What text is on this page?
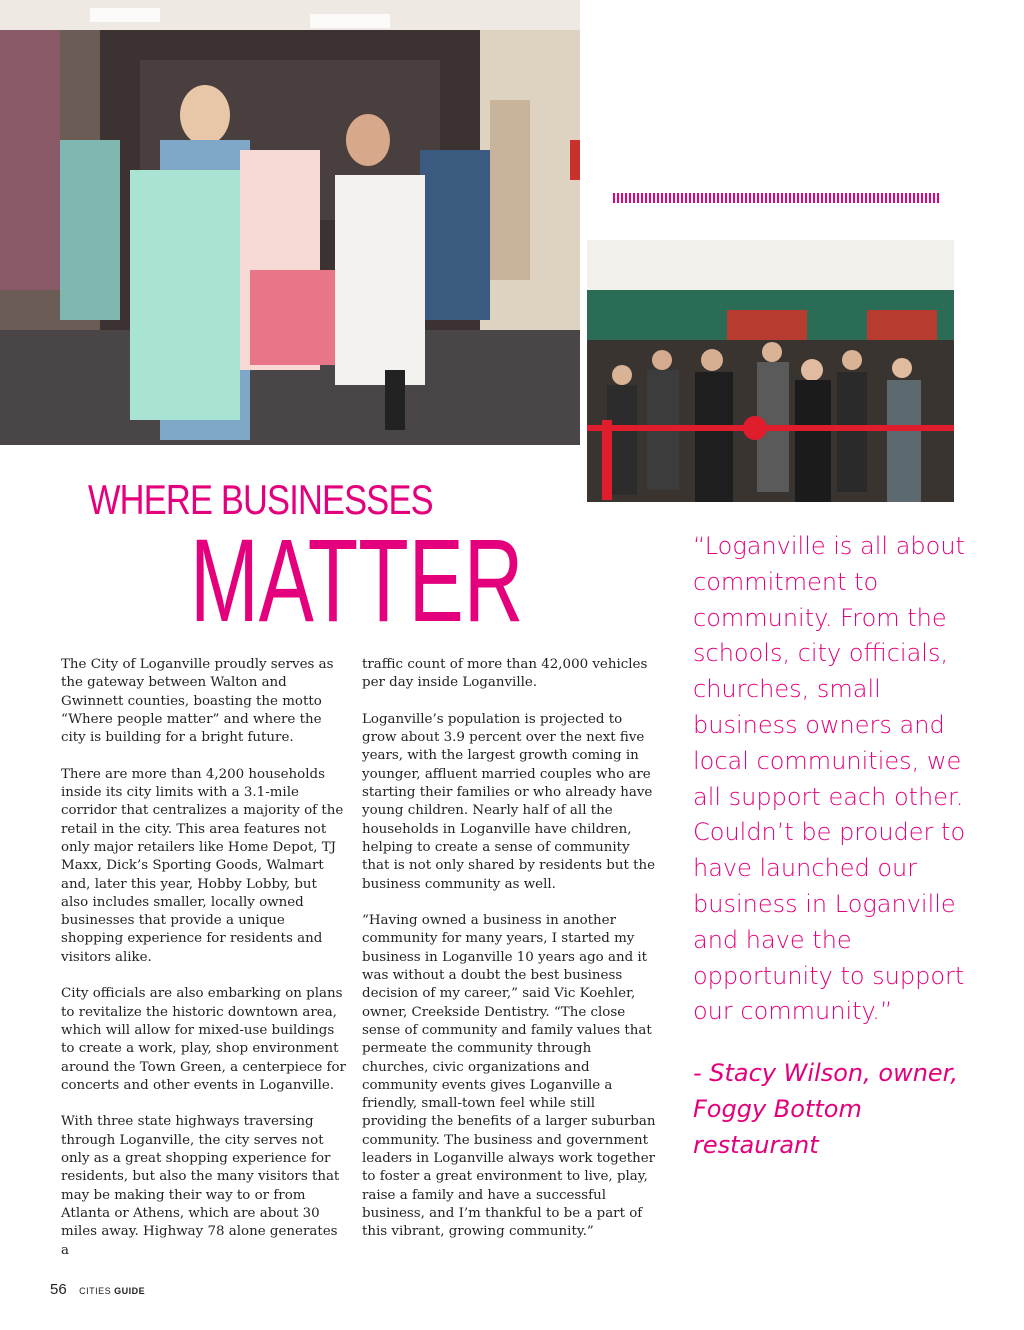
WHERE BUSINESSES
MATTER

The City of Loganville proudly serves as the gateway between Walton and Gwinnett counties, boasting the motto “Where people matter” and where the city is building for a bright future.

There are more than 4,200 households inside its city limits with a 3.1-mile corridor that centralizes a majority of the retail in the city. This area features not only major retailers like Home Depot, TJ Maxx, Dick’s Sporting Goods, Walmart and, later this year, Hobby Lobby, but also includes smaller, locally owned businesses that provide a unique shopping experience for residents and visitors alike.

City officials are also embarking on plans to revitalize the historic downtown area, which will allow for mixed-use buildings to create a work, play, shop environment around the Town Green, a centerpiece for concerts and other events in Loganville.

With three state highways traversing through Loganville, the city serves not only as a great shopping experience for residents, but also the many visitors that may be making their way to or from Atlanta or Athens, which are about 30 miles away. Highway 78 alone generates a

traffic count of more than 42,000 vehicles per day inside Loganville.

Loganville’s population is projected to grow about 3.9 percent over the next five years, with the largest growth coming in younger, affluent married couples who are starting their families or who already have young children. Nearly half of all the households in Loganville have children, helping to create a sense of community that is not only shared by residents but the business community as well.

“Having owned a business in another community for many years, I started my business in Loganville 10 years ago and it was without a doubt the best business decision of my career,” said Vic Koehler, owner, Creekside Dentistry. “The close sense of community and family values that permeate the community through churches, civic organizations and community events gives Loganville a friendly, small-town feel while still providing the benefits of a larger suburban community. The business and government leaders in Loganville always work together to foster a great environment to live, play, raise a family and have a successful business, and I’m thankful to be a part of this vibrant, growing community.”

“Loganville is all about commitment to community. From the schools, city officials, churches, small business owners and local communities, we all support each other. Couldn’t be prouder to have launched our business in Loganville and have the opportunity to support our community.”
- Stacy Wilson, owner, Foggy Bottom restaurant
56 CITIES GUIDE
